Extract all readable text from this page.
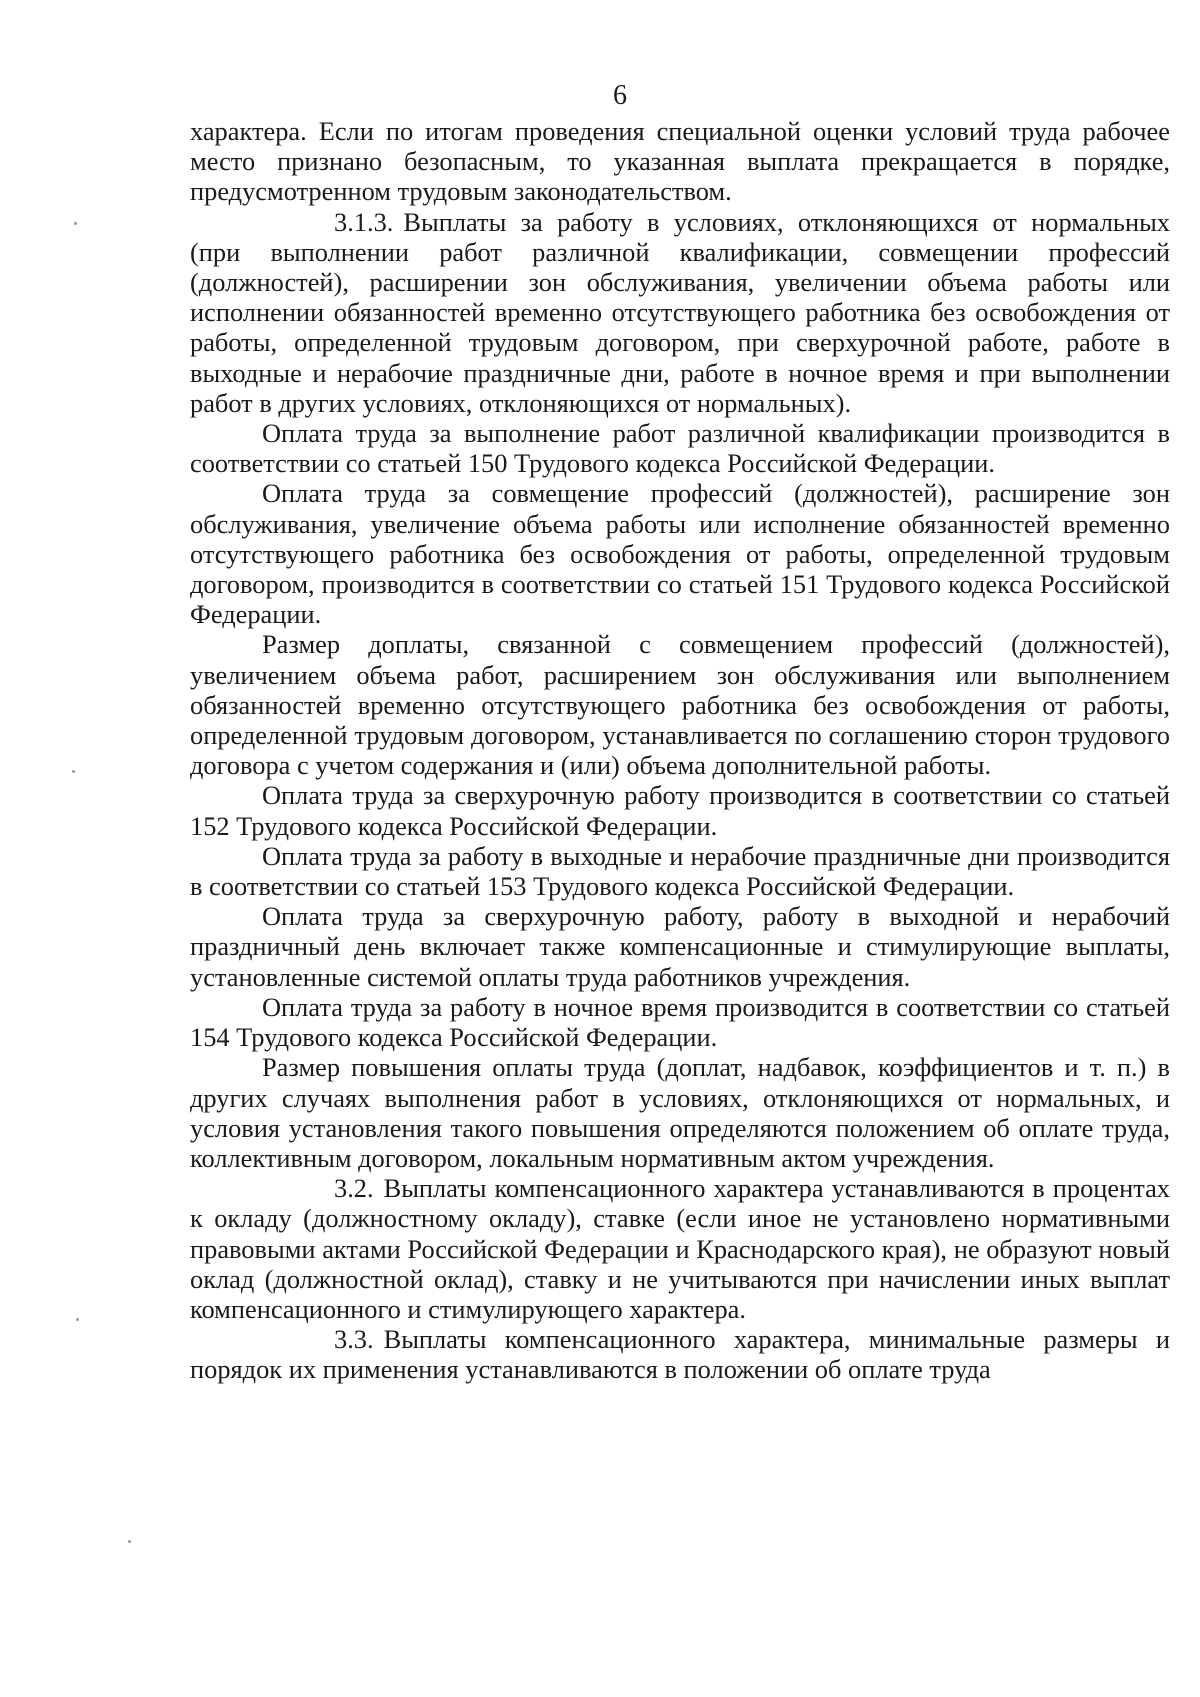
6

характера. Если по итогам проведения специальной оценки условий труда рабочее место признано безопасным, то указанная выплата прекращается в порядке, предусмотренном трудовым законодательством.

3.1.3. Выплаты за работу в условиях, отклоняющихся от нормальных (при выполнении работ различной квалификации, совмещении профессий (должностей), расширении зон обслуживания, увеличении объема работы или исполнении обязанностей временно отсутствующего работника без освобождения от работы, определенной трудовым договором, при сверхурочной работе, работе в выходные и нерабочие праздничные дни, работе в ночное время и при выполнении работ в других условиях, отклоняющихся от нормальных).

Оплата труда за выполнение работ различной квалификации производится в соответствии со статьей 150 Трудового кодекса Российской Федерации.

Оплата труда за совмещение профессий (должностей), расширение зон обслуживания, увеличение объема работы или исполнение обязанностей временно отсутствующего работника без освобождения от работы, определенной трудовым договором, производится в соответствии со статьей 151 Трудового кодекса Российской Федерации.

Размер доплаты, связанной с совмещением профессий (должностей), увеличением объема работ, расширением зон обслуживания или выполнением обязанностей временно отсутствующего работника без освобождения от работы, определенной трудовым договором, устанавливается по соглашению сторон трудового договора с учетом содержания и (или) объема дополнительной работы.

Оплата труда за сверхурочную работу производится в соответствии со статьей 152 Трудового кодекса Российской Федерации.

Оплата труда за работу в выходные и нерабочие праздничные дни производится в соответствии со статьей 153 Трудового кодекса Российской Федерации.

Оплата труда за сверхурочную работу, работу в выходной и нерабочий праздничный день включает также компенсационные и стимулирующие выплаты, установленные системой оплаты труда работников учреждения.

Оплата труда за работу в ночное время производится в соответствии со статьей 154 Трудового кодекса Российской Федерации.

Размер повышения оплаты труда (доплат, надбавок, коэффициентов и т. п.) в других случаях выполнения работ в условиях, отклоняющихся от нормальных, и условия установления такого повышения определяются положением об оплате труда, коллективным договором, локальным нормативным актом учреждения.

3.2. Выплаты компенсационного характера устанавливаются в процентах к окладу (должностному окладу), ставке (если иное не установлено нормативными правовыми актами Российской Федерации и Краснодарского края), не образуют новый оклад (должностной оклад), ставку и не учитываются при начислении иных выплат компенсационного и стимулирующего характера.

3.3. Выплаты компенсационного характера, минимальные размеры и порядок их применения устанавливаются в положении об оплате труда
